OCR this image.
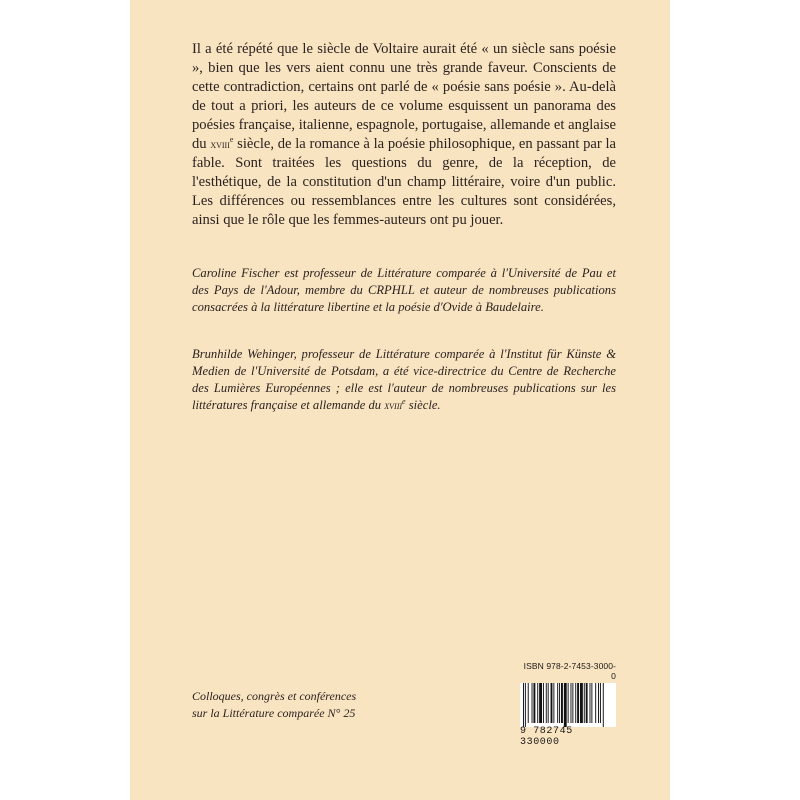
Il a été répété que le siècle de Voltaire aurait été « un siècle sans poésie », bien que les vers aient connu une très grande faveur. Conscients de cette contradiction, certains ont parlé de « poésie sans poésie ». Au-delà de tout a priori, les auteurs de ce volume esquissent un panorama des poésies française, italienne, espagnole, portugaise, allemande et anglaise du xviii$^e$ siècle, de la romance à la poésie philosophique, en passant par la fable. Sont traitées les questions du genre, de la réception, de l'esthétique, de la constitution d'un champ littéraire, voire d'un public. Les différences ou ressemblances entre les cultures sont considérées, ainsi que le rôle que les femmes-auteurs ont pu jouer.

Caroline Fischer est professeur de Littérature comparée à l'Université de Pau et des Pays de l'Adour, membre du CRPHLL et auteur de nombreuses publications consacrées à la littérature libertine et la poésie d'Ovide à Baudelaire.
Brunhilde Wehinger, professeur de Littérature comparée à l'Institut für Künste & Medien de l'Université de Potsdam, a été vice-directrice du Centre de Recherche des Lumières Européennes ; elle est l'auteur de nombreuses publications sur les littératures française et allemande du xviii$^e$ siècle.
Colloques, congrès et conférences
sur la Littérature comparée N° 25
ISBN 978-2-7453-3000-0
9 782745 330000
